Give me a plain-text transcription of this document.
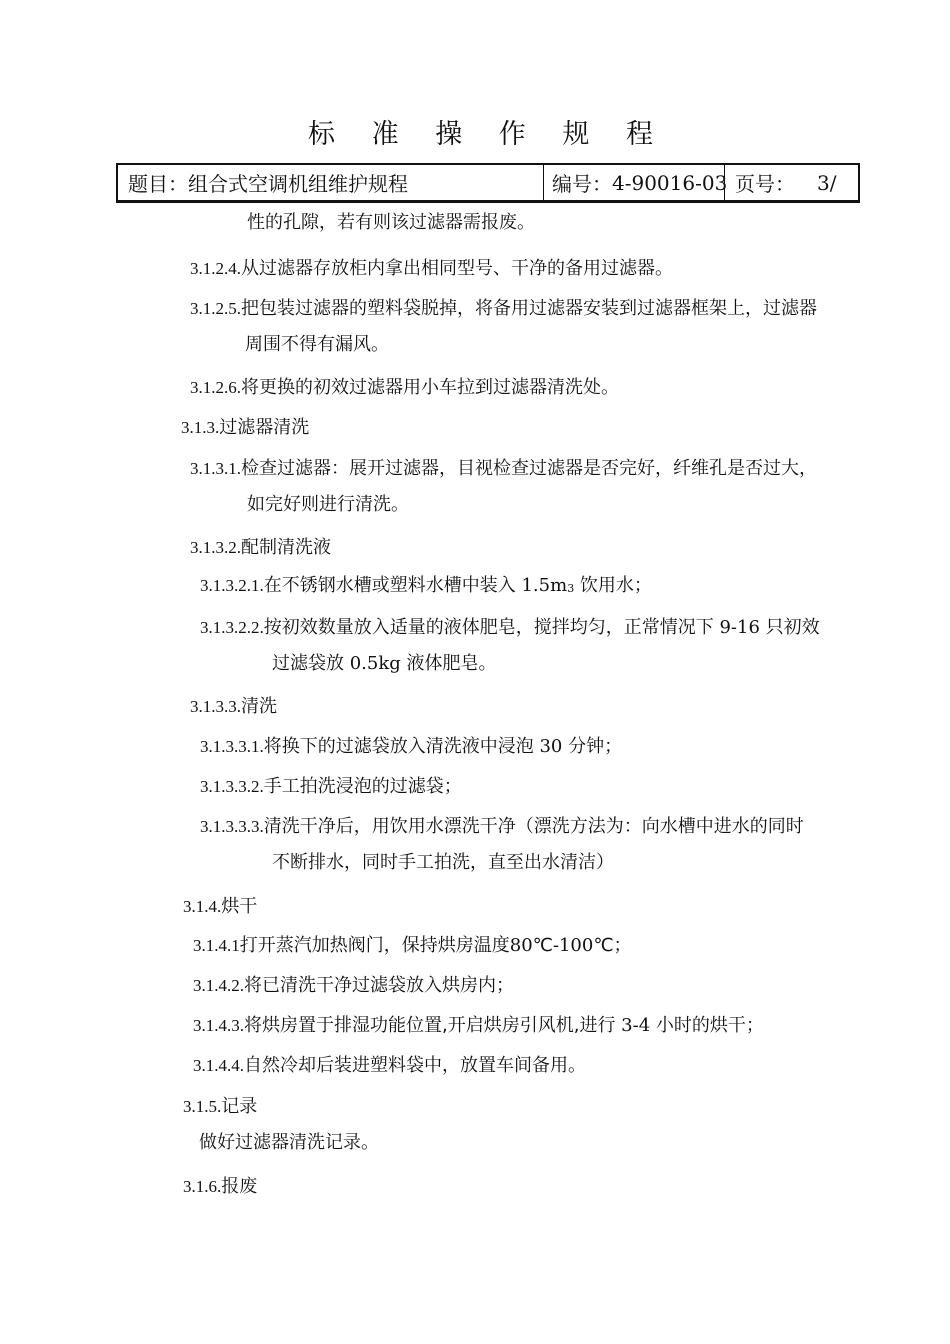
标 准 操 作 规 程
题目： 组合式空调机组维护规程	编号： 4-90016-03 页号： 3/
性的孔隙，若有则该过滤器需报废。
3.1.2.4.从过滤器存放柜内拿出相同型号、干净的备用过滤器。
3.1.2.5.把包装过滤器的塑料袋脱掉，将备用过滤器安装到过滤器框架上，过滤器
周围不得有漏风。
3.1.2.6.将更换的初效过滤器用小车拉到过滤器清洗处。
3.1.3.过滤器清洗
3.1.3.1.检查过滤器：展开过滤器，目视检查过滤器是否完好，纤维孔是否过大，
如完好则进行清洗。
3.1.3.2.配制清洗液
3.1.3.2.1.在不锈钢水槽或塑料水槽中装入 1.5m3 饮用水；
3.1.3.2.2.按初效数量放入适量的液体肥皂，搅拌均匀，正常情况下 9-16 只初效
过滤袋放 0.5kg 液体肥皂。
3.1.3.3.清洗
3.1.3.3.1.将换下的过滤袋放入清洗液中浸泡 30 分钟；
3.1.3.3.2.手工拍洗浸泡的过滤袋；
3.1.3.3.3.清洗干净后，用饮用水漂洗干净（漂洗方法为：向水槽中进水的同时
不断排水，同时手工拍洗，直至出水清洁）
3.1.4.烘干
3.1.4.1打开蒸汽加热阀门，保持烘房温度80℃-100℃；
3.1.4.2.将已清洗干净过滤袋放入烘房内；
3.1.4.3.将烘房置于排湿功能位置,开启烘房引风机,进行 3-4 小时的烘干；
3.1.4.4.自然冷却后装进塑料袋中，放置车间备用。
3.1.5.记录
做好过滤器清洗记录。
3.1.6.报废
